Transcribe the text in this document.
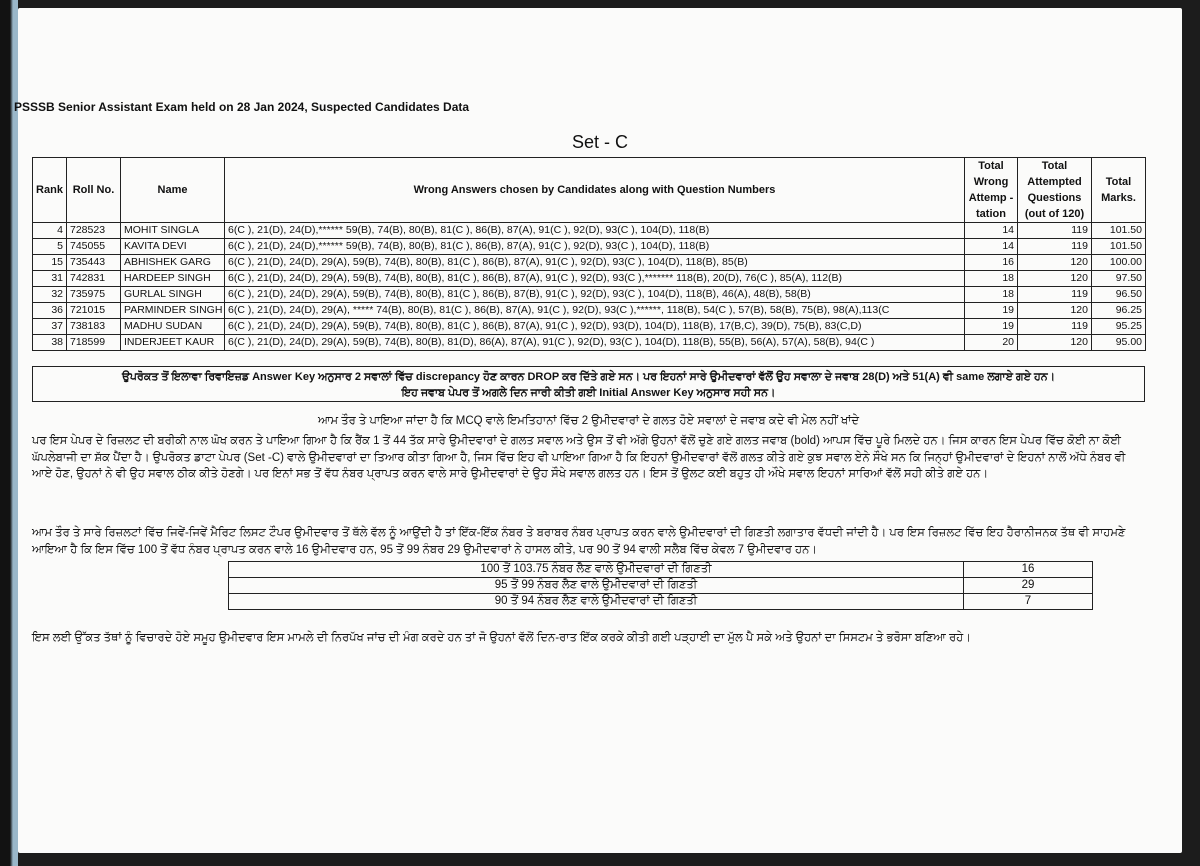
PSSSB Senior Assistant Exam held on 28 Jan 2024, Suspected Candidates Data
Set - C
Rank	Roll No.	Name	Wrong Answers chosen by Candidates along with Question Numbers	Total Wrong Attemp -tation	Total Attempted Questions (out of 120)	Total Marks.
4	728523	MOHIT SINGLA	6(C ), 21(D), 24(D),****** 59(B), 74(B), 80(B), 81(C ), 86(B), 87(A), 91(C ), 92(D), 93(C ), 104(D), 118(B)	14	119	101.50
5	745055	KAVITA DEVI	6(C ), 21(D), 24(D),****** 59(B), 74(B), 80(B), 81(C ), 86(B), 87(A), 91(C ), 92(D), 93(C ), 104(D), 118(B)	14	119	101.50
15	735443	ABHISHEK GARG	6(C ), 21(D), 24(D), 29(A), 59(B), 74(B), 80(B), 81(C ), 86(B), 87(A), 91(C ), 92(D), 93(C ), 104(D), 118(B), 85(B)	16	120	100.00
31	742831	HARDEEP SINGH	6(C ), 21(D), 24(D), 29(A), 59(B), 74(B), 80(B), 81(C ), 86(B), 87(A), 91(C ), 92(D), 93(C ),******* 118(B), 20(D), 76(C ), 85(A), 112(B)	18	120	97.50
32	735975	GURLAL SINGH	6(C ), 21(D), 24(D), 29(A), 59(B), 74(B), 80(B), 81(C ), 86(B), 87(B), 91(C ), 92(D), 93(C ), 104(D), 118(B), 46(A), 48(B), 58(B)	18	119	96.50
36	721015	PARMINDER SINGH	6(C ), 21(D), 24(D), 29(A), ***** 74(B), 80(B), 81(C ), 86(B), 87(A), 91(C ), 92(D), 93(C ),******, 118(B), 54(C ), 57(B), 58(B), 75(B), 98(A),113(C	19	120	96.25
37	738183	MADHU SUDAN	6(C ), 21(D), 24(D), 29(A), 59(B), 74(B), 80(B), 81(C ), 86(B), 87(A), 91(C ), 92(D), 93(D), 104(D), 118(B), 17(B,C), 39(D), 75(B), 83(C,D)	19	119	95.25
38	718599	INDERJEET KAUR	6(C ), 21(D), 24(D), 29(A), 59(B), 74(B), 80(B), 81(D), 86(A), 87(A), 91(C ), 92(D), 93(C ), 104(D), 118(B), 55(B), 56(A), 57(A), 58(B), 94(C )	20	120	95.00
ਉਪਰੋਕਤ ਤੋਂ ਇਲਾਵਾ ਰਿਵਾਇਜ਼ਡ Answer Key ਅਨੁਸਾਰ 2 ਸਵਾਲਾਂ ਵਿੱਚ discrepancy ਹੋਣ ਕਾਰਨ DROP ਕਰ ਦਿੱਤੇ ਗਏ ਸਨ। ਪਰ ਇਹਨਾਂ ਸਾਰੇ ਉਮੀਦਵਾਰਾਂ ਵੱਲੋਂ ਉਹ ਸਵਾਲਾ ਦੇ ਜਵਾਬ 28(D) ਅਤੇ 51(A) ਵੀ same ਲਗਾਏ ਗਏ ਹਨ।
ਇਹ ਜਵਾਬ ਪੇਪਰ ਤੋਂ ਅਗਲੇ ਦਿਨ ਜਾਰੀ ਕੀਤੀ ਗਈ Initial Answer Key ਅਨੁਸਾਰ ਸਹੀ ਸਨ।
ਆਮ ਤੌਰ ਤੇ ਪਾਇਆ ਜਾਂਦਾ ਹੈ ਕਿ MCQ ਵਾਲੇ ਇਮਤਿਹਾਨਾਂ ਵਿੱਚ 2 ਉਮੀਦਵਾਰਾਂ ਦੇ ਗਲਤ ਹੋਏ ਸਵਾਲਾਂ ਦੇ ਜਵਾਬ ਕਦੇ ਵੀ ਮੇਲ ਨਹੀਂ ਖਾਂਦੇ
ਪਰ ਇਸ ਪੇਪਰ ਦੇ ਰਿਜ਼ਲਟ ਦੀ ਬਰੀਕੀ ਨਾਲ ਘੋਖ ਕਰਨ ਤੇ ਪਾਇਆ ਗਿਆ ਹੈ ਕਿ ਰੈਂਕ 1 ਤੋਂ 44 ਤੱਕ ਸਾਰੇ ਉਮੀਦਵਾਰਾਂ ਦੇ ਗਲਤ ਸਵਾਲ ਅਤੇ ਉਸ ਤੋਂ ਵੀ ਅੱਗੇ ਉਹਨਾਂ ਵੱਲੋਂ ਚੁਣੇ ਗਏ ਗਲਤ ਜਵਾਬ (bold) ਆਪਸ ਵਿੱਚ ਪੂਰੇ ਮਿਲਦੇ ਹਨ। ਜਿਸ ਕਾਰਨ ਇਸ ਪੇਪਰ ਵਿੱਚ ਕੋਈ ਨਾ ਕੋਈ ਘੱਪਲੇਬਾਜੀ ਦਾ ਸ਼ੱਕ ਪੈਂਦਾ ਹੈ। ਉਪਰੋਕਤ ਡਾਟਾ ਪੇਪਰ (Set -C) ਵਾਲੇ ਉਮੀਦਵਾਰਾਂ ਦਾ ਤਿਆਰ ਕੀਤਾ ਗਿਆ ਹੈ, ਜਿਸ ਵਿੱਚ ਇਹ ਵੀ ਪਾਇਆ ਗਿਆ ਹੈ ਕਿ ਇਹਨਾਂ ਉਮੀਦਵਾਰਾਂ ਵੱਲੋਂ ਗਲਤ ਕੀਤੇ ਗਏ ਕੁਝ ਸਵਾਲ ਏਨੇ ਸੌਖੇ ਸਨ ਕਿ ਜਿਨ੍ਹਾਂ ਉਮੀਦਵਾਰਾਂ ਦੇ ਇਹਨਾਂ ਨਾਲੋਂ ਅੱਧੇ ਨੰਬਰ ਵੀ ਆਏ ਹੋਣ, ਉਹਨਾਂ ਨੇ ਵੀ ਉਹ ਸਵਾਲ ਠੀਕ ਕੀਤੇ ਹੋਣਗੇ। ਪਰ ਇਨਾਂ ਸਭ ਤੋਂ ਵੱਧ ਨੰਬਰ ਪ੍ਰਾਪਤ ਕਰਨ ਵਾਲੇ ਸਾਰੇ ਉਮੀਦਵਾਰਾਂ ਦੇ ਉਹ ਸੌਖੇ ਸਵਾਲ ਗਲਤ ਹਨ। ਇਸ ਤੋਂ ਉਲਟ ਕਈ ਬਹੁਤ ਹੀ ਔਖੇ ਸਵਾਲ ਇਹਨਾਂ ਸਾਰਿਆਂ ਵੱਲੋਂ ਸਹੀ ਕੀਤੇ ਗਏ ਹਨ।
ਆਮ ਤੌਰ ਤੇ ਸਾਰੇ ਰਿਜ਼ਲਟਾਂ ਵਿੱਚ ਜਿਵੇਂ-ਜਿਵੇਂ ਮੈਰਿਟ ਲਿਸਟ ਟੌਪਰ ਉਮੀਦਵਾਰ ਤੋਂ ਥੱਲੇ ਵੱਲ ਨੂੰ ਆਉਂਦੀ ਹੈ ਤਾਂ ਇੱਕ-ਇੱਕ ਨੰਬਰ ਤੇ ਬਰਾਬਰ ਨੰਬਰ ਪ੍ਰਾਪਤ ਕਰਨ ਵਾਲੇ ਉਮੀਦਵਾਰਾਂ ਦੀ ਗਿਣਤੀ ਲਗਾਤਾਰ ਵੱਧਦੀ ਜਾਂਦੀ ਹੈ। ਪਰ ਇਸ ਰਿਜ਼ਲਟ ਵਿੱਚ ਇਹ ਹੈਰਾਨੀਜਨਕ ਤੱਥ ਵੀ ਸਾਹਮਣੇ ਆਇਆ ਹੈ ਕਿ ਇਸ ਵਿੱਚ 100 ਤੋਂ ਵੱਧ ਨੰਬਰ ਪ੍ਰਾਪਤ ਕਰਨ ਵਾਲੇ 16 ਉਮੀਦਵਾਰ ਹਨ, 95 ਤੋਂ 99 ਨੰਬਰ 29 ਉਮੀਦਵਾਰਾਂ ਨੇ ਹਾਸਲ ਕੀਤੇ, ਪਰ 90 ਤੋਂ 94 ਵਾਲੀ ਸਲੈਬ ਵਿੱਚ ਕੇਵਲ 7 ਉਮੀਦਵਾਰ ਹਨ।
100 ਤੋਂ 103.75 ਨੰਬਰ ਲੈਣ ਵਾਲੇ ਉਮੀਦਵਾਰਾਂ ਦੀ ਗਿਣਤੀ	16
95 ਤੋਂ 99 ਨੰਬਰ ਲੈਣ ਵਾਲੇ ਉਮੀਦਵਾਰਾਂ ਦੀ ਗਿਣਤੀ	29
90 ਤੋਂ 94 ਨੰਬਰ ਲੈਣ ਵਾਲੇ ਉਮੀਦਵਾਰਾਂ ਦੀ ਗਿਣਤੀ	7
ਇਸ ਲਈ ਉੱਕਤ ਤੱਥਾਂ ਨੂੰ ਵਿਚਾਰਦੇ ਹੋਏ ਸਮੂਹ ਉਮੀਦਵਾਰ ਇਸ ਮਾਮਲੇ ਦੀ ਨਿਰਪੱਖ ਜਾਂਚ ਦੀ ਮੰਗ ਕਰਦੇ ਹਨ ਤਾਂ ਜੋ ਉਹਨਾਂ ਵੱਲੋਂ ਦਿਨ-ਰਾਤ ਇੱਕ ਕਰਕੇ ਕੀਤੀ ਗਈ ਪੜ੍ਹਾਈ ਦਾ ਮੁੱਲ ਪੈ ਸਕੇ ਅਤੇ ਉਹਨਾਂ ਦਾ ਸਿਸਟਮ ਤੇ ਭਰੋਸਾ ਬਣਿਆ ਰਹੇ।
